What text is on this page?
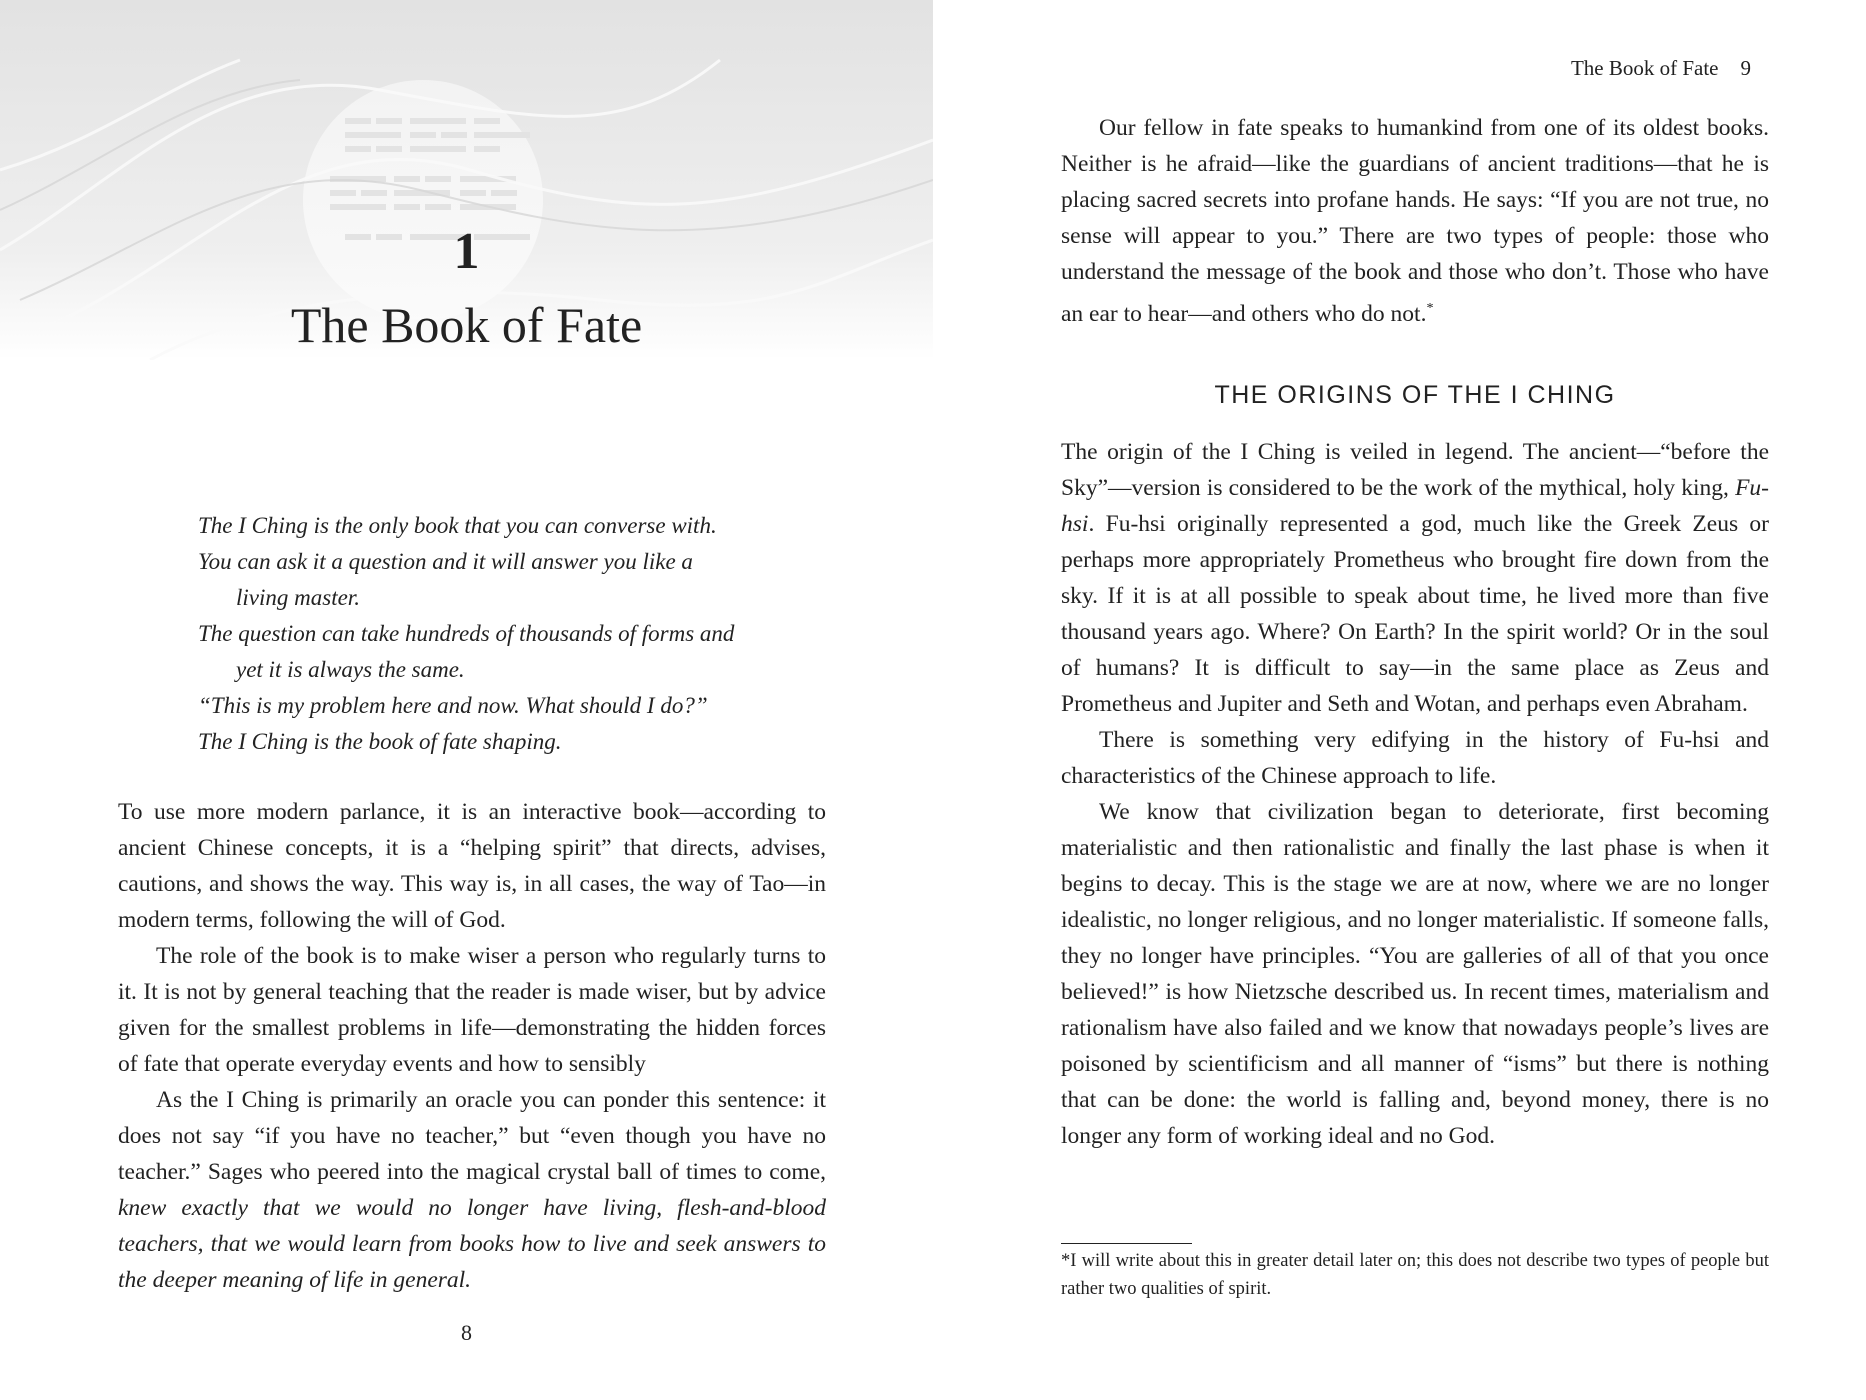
1
The Book of Fate

The I Ching is the only book that you can converse with.

You can ask it a question and it will answer you like a

living master.

The question can take hundreds of thousands of forms and

yet it is always the same.

“This is my problem here and now. What should I do?”

The I Ching is the book of fate shaping.

To use more modern parlance, it is an interactive book—according to ancient Chinese concepts, it is a “helping spirit” that directs, advises, cautions, and shows the way. This way is, in all cases, the way of Tao—in modern terms, following the will of God.

The role of the book is to make wiser a person who regularly turns to it. It is not by general teaching that the reader is made wiser, but by advice given for the smallest problems in life—demonstrating the hidden forces of fate that operate everyday events and how to sensibly

As the I Ching is primarily an oracle you can ponder this sentence: it does not say “if you have no teacher,” but “even though you have no teacher.” Sages who peered into the magical crystal ball of times to come, knew exactly that we would no longer have living, flesh-and-blood teachers, that we would learn from books how to live and seek answers to the deeper meaning of life in general.

8
The Book of Fate 9

Our fellow in fate speaks to humankind from one of its oldest books. Neither is he afraid—like the guardians of ancient traditions—that he is placing sacred secrets into profane hands. He says: “If you are not true, no sense will appear to you.” There are two types of people: those who understand the message of the book and those who don’t. Those who have an ear to hear—and others who do not.*

THE ORIGINS OF THE I CHING

The origin of the I Ching is veiled in legend. The ancient—“before the Sky”—version is considered to be the work of the mythical, holy king, Fu-hsi. Fu-hsi originally represented a god, much like the Greek Zeus or perhaps more appropriately Prometheus who brought fire down from the sky. If it is at all possible to speak about time, he lived more than five thousand years ago. Where? On Earth? In the spirit world? Or in the soul of humans? It is difficult to say—in the same place as Zeus and Prometheus and Jupiter and Seth and Wotan, and perhaps even Abraham.

There is something very edifying in the history of Fu-hsi and characteristics of the Chinese approach to life.

We know that civilization began to deteriorate, first becoming materialistic and then rationalistic and finally the last phase is when it begins to decay. This is the stage we are at now, where we are no longer idealistic, no longer religious, and no longer materialistic. If someone falls, they no longer have principles. “You are galleries of all of that you once believed!” is how Nietzsche described us. In recent times, materialism and rationalism have also failed and we know that nowadays people’s lives are poisoned by scientificism and all manner of “isms” but there is nothing that can be done: the world is falling and, beyond money, there is no longer any form of working ideal and no God.

*I will write about this in greater detail later on; this does not describe two types of people but rather two qualities of spirit.
